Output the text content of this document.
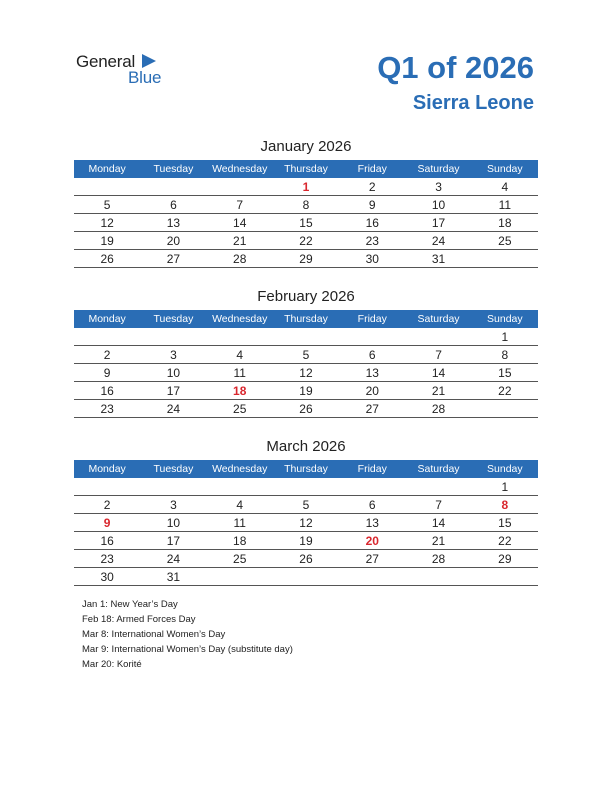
General
Blue	Q1 of 2026
Sierra Leone
January 2026
Monday	Tuesday	Wednesday	Thursday	Friday	Saturday	Sunday
			1	2	3	4
5	6	7	8	9	10	11
12	13	14	15	16	17	18
19	20	21	22	23	24	25
26	27	28	29	30	31	
February 2026
Monday	Tuesday	Wednesday	Thursday	Friday	Saturday	Sunday
						1
2	3	4	5	6	7	8
9	10	11	12	13	14	15
16	17	18	19	20	21	22
23	24	25	26	27	28	
March 2026
Monday	Tuesday	Wednesday	Thursday	Friday	Saturday	Sunday
						1
2	3	4	5	6	7	8
9	10	11	12	13	14	15
16	17	18	19	20	21	22
23	24	25	26	27	28	29
30	31					
Jan 1: New Year’s Day
Feb 18: Armed Forces Day
Mar 8: International Women’s Day
Mar 9: International Women’s Day (substitute day)
Mar 20: Korité
